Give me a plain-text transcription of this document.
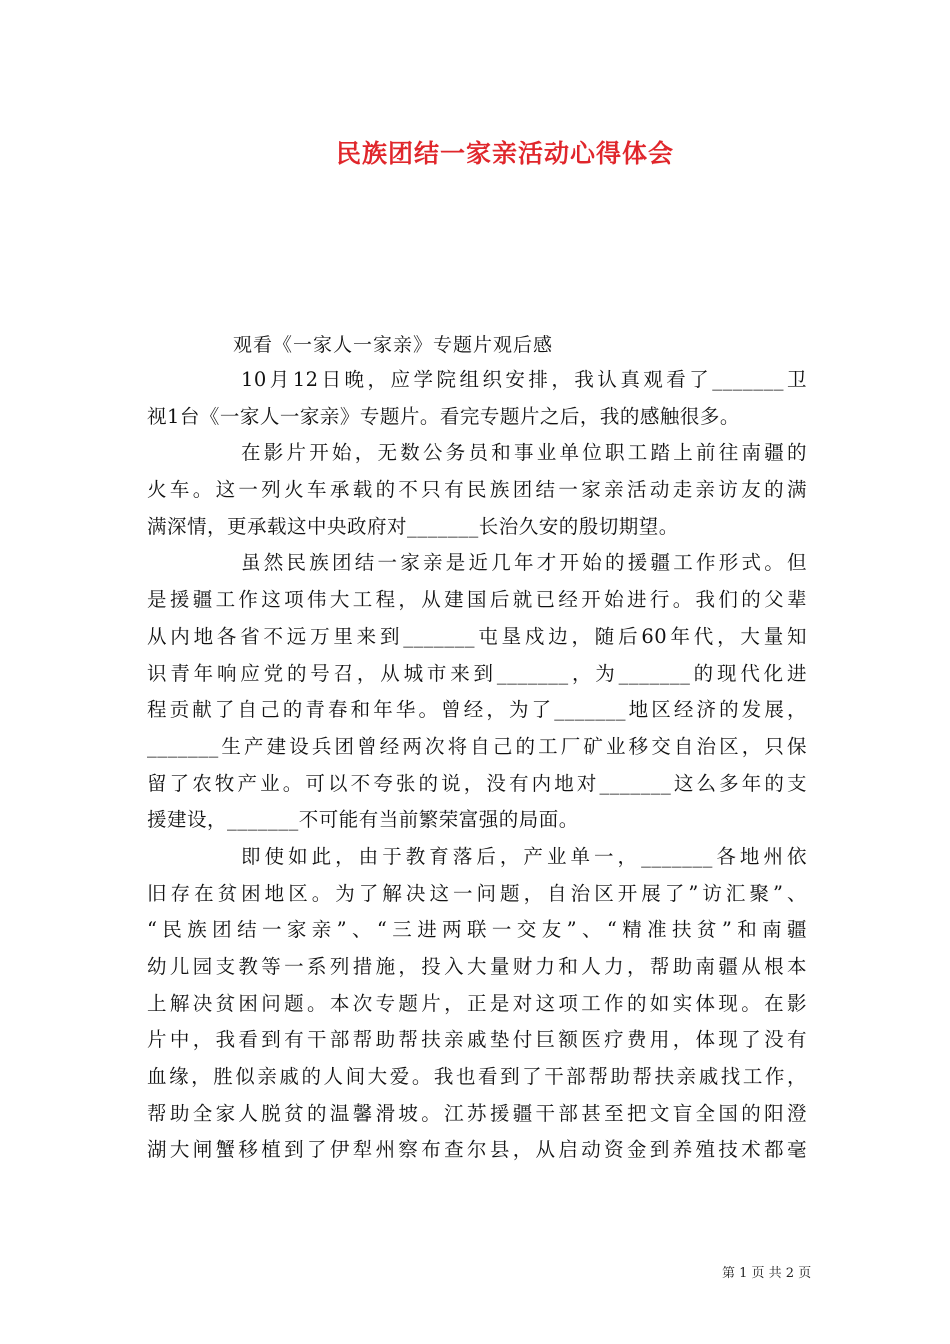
民族团结一家亲活动心得体会
观看《一家人一家亲》专题片观后感
10月12日晚，应学院组织安排，我认真观看了_______卫
视1台《一家人一家亲》专题片。看完专题片之后，我的感触很多。
在影片开始，无数公务员和事业单位职工踏上前往南疆的
火车。这一列火车承载的不只有民族团结一家亲活动走亲访友的满
满深情，更承载这中央政府对_______长治久安的殷切期望。
虽然民族团结一家亲是近几年才开始的援疆工作形式。但
是援疆工作这项伟大工程，从建国后就已经开始进行。我们的父辈
从内地各省不远万里来到_______屯垦戍边，随后60年代，大量知
识青年响应党的号召，从城市来到_______，为_______的现代化进
程贡献了自己的青春和年华。曾经，为了_______地区经济的发展，
_______生产建设兵团曾经两次将自己的工厂矿业移交自治区，只保
留了农牧产业。可以不夸张的说，没有内地对_______这么多年的支
援建设，_______不可能有当前繁荣富强的局面。
即使如此，由于教育落后，产业单一，_______各地州依
旧存在贫困地区。为了解决这一问题，自治区开展了”访汇聚”、
“民族团结一家亲”、“三进两联一交友”、“精准扶贫”和南疆
幼儿园支教等一系列措施，投入大量财力和人力，帮助南疆从根本
上解决贫困问题。本次专题片，正是对这项工作的如实体现。在影
片中，我看到有干部帮助帮扶亲戚垫付巨额医疗费用，体现了没有
血缘，胜似亲戚的人间大爱。我也看到了干部帮助帮扶亲戚找工作，
帮助全家人脱贫的温馨滑坡。江苏援疆干部甚至把文盲全国的阳澄
湖大闸蟹移植到了伊犁州察布查尔县，从启动资金到养殖技术都毫
第 1 页 共 2 页
